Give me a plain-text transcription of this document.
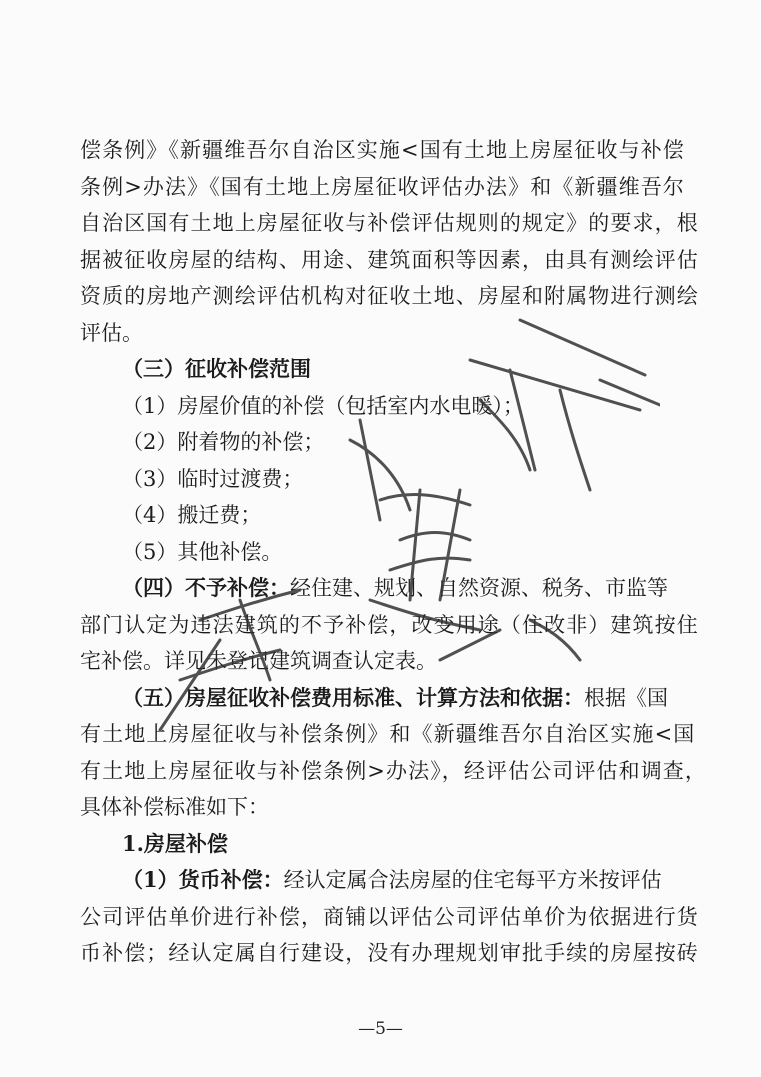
偿条例》《新疆维吾尔自治区实施<国有土地上房屋征收与补偿
条例>办法》《国有土地上房屋征收评估办法》和《新疆维吾尔
自治区国有土地上房屋征收与补偿评估规则的规定》的要求，根
据被征收房屋的结构、用途、建筑面积等因素，由具有测绘评估
资质的房地产测绘评估机构对征收土地、房屋和附属物进行测绘
评估。
（三）征收补偿范围
（1）房屋价值的补偿（包括室内水电暖）；
（2）附着物的补偿；
（3）临时过渡费；
（4）搬迁费；
（5）其他补偿。
（四）不予补偿：经住建、规划、自然资源、税务、市监等
部门认定为违法建筑的不予补偿，改变用途（住改非）建筑按住
宅补偿。详见未登记建筑调查认定表。
（五）房屋征收补偿费用标准、计算方法和依据：根据《国
有土地上房屋征收与补偿条例》和《新疆维吾尔自治区实施<国
有土地上房屋征收与补偿条例>办法》，经评估公司评估和调查，
具体补偿标准如下：
1.房屋补偿
（1）货币补偿：经认定属合法房屋的住宅每平方米按评估
公司评估单价进行补偿，商铺以评估公司评估单价为依据进行货
币补偿；经认定属自行建设，没有办理规划审批手续的房屋按砖
—5—
